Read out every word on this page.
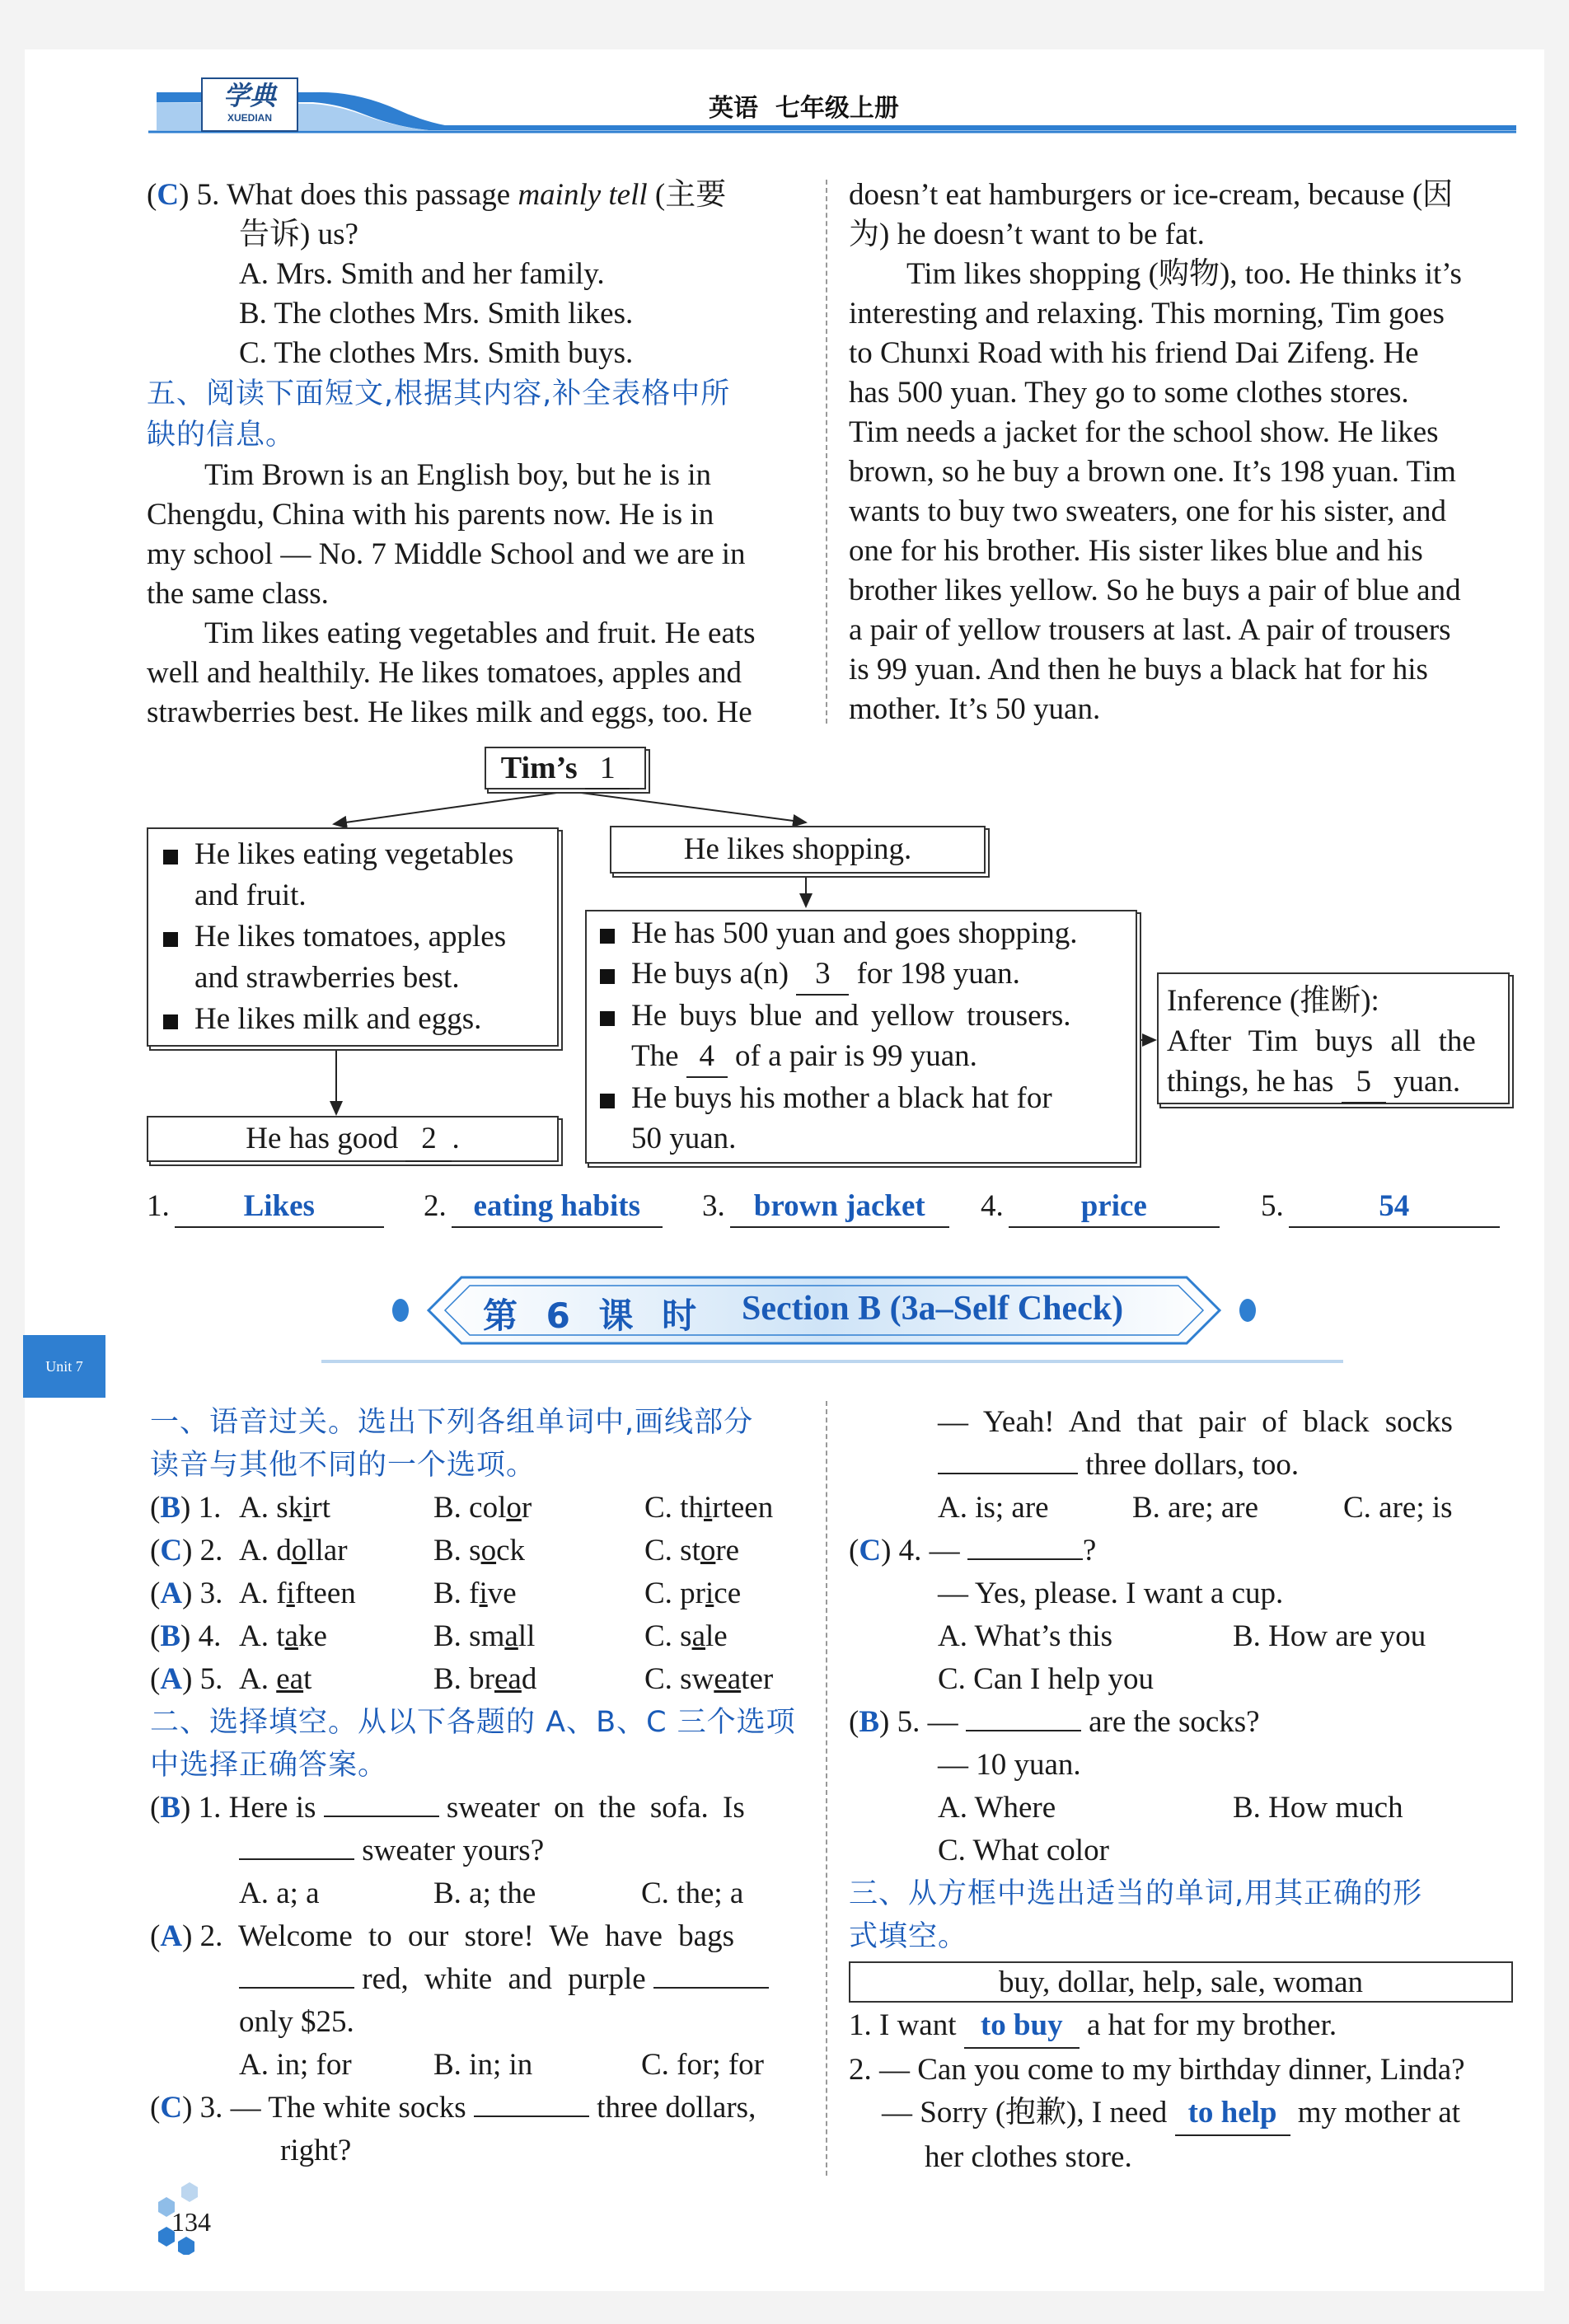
学典
XUEDIAN	英语  七年级上册
(C) 5. What does this passage mainly tell (主要
告诉) us?
A. Mrs. Smith and her family.
B. The clothes Mrs. Smith likes.
C. The clothes Mrs. Smith buys.
五、阅读下面短文,根据其内容,补全表格中所
缺的信息。
Tim Brown is an English boy, but he is in
Chengdu, China with his parents now. He is in
my school — No. 7 Middle School and we are in
the same class.
Tim likes eating vegetables and fruit. He eats
well and healthily. He likes tomatoes, apples and
strawberries best. He likes milk and eggs, too. He
doesn’t eat hamburgers or ice-cream, because (因
为) he doesn’t want to be fat.
Tim likes shopping (购物), too. He thinks it’s
interesting and relaxing. This morning, Tim goes
to Chunxi Road with his friend Dai Zifeng. He
has 500 yuan. They go to some clothes stores.
Tim needs a jacket for the school show. He likes
brown, so he buy a brown one. It’s 198 yuan. Tim
wants to buy two sweaters, one for his sister, and
one for his brother. His sister likes blue and his
brother likes yellow. So he buys a pair of blue and
a pair of yellow trousers at last. A pair of trousers
is 99 yuan. And then he buys a black hat for his
mother. It’s 50 yuan.
Tim’s 1
He likes eating vegetables
and fruit.
He likes tomatoes, apples
and strawberries best.
He likes milk and eggs.
He has good 2 .
He likes shopping.
He has 500 yuan and goes shopping.
He buys a(n) 3 for 198 yuan.
He buys blue and yellow trousers.
The 4 of a pair is 99 yuan.
He buys his mother a black hat for
50 yuan.
Inference (推断):
After Tim buys all the
things, he has 5 yuan.
1. Likes	2. eating habits	3. brown jacket	4.	price	5.	54
第 6 课 时 Section B (3a–Self Check)
Unit 7
一、语音过关。选出下列各组单词中,画线部分
读音与其他不同的一个选项。
(B) 1. A. skirt	B. color	C. thirteen
(C) 2. A. dollar	B. sock	C. store
(A) 3. A. fifteen	B. five	C. price
(B) 4. A. take	B. small	C. sale
(A) 5. A. eat	B. bread	C. sweater
二、选择填空。从以下各题的 A、B、C 三个选项
中选择正确答案。
(B) 1. Here is	sweater on the sofa. Is
sweater yours?
A. a; a	B. a; the	C. the; a
(A) 2. Welcome to our store! We have bags
red, white and purple
only $25.
A. in; for	B. in; in	C. for; for
(C) 3. — The white socks	three dollars,
right?
— Yeah! And that pair of black socks
three dollars, too.
A. is; are	B. are; are	C. are; is
(C) 4. —	?
— Yes, please. I want a cup.
A. What’s this	B. How are you
C. Can I help you
(B) 5. —	are the socks?
— 10 yuan.
A. Where	B. How much
C. What color
三、从方框中选出适当的单词,用其正确的形
式填空。
buy, dollar, help, sale, woman
1. I want to buy a hat for my brother.
2. — Can you come to my birthday dinner, Linda?
— Sorry (抱歉), I need to help my mother at
her clothes store.
134
